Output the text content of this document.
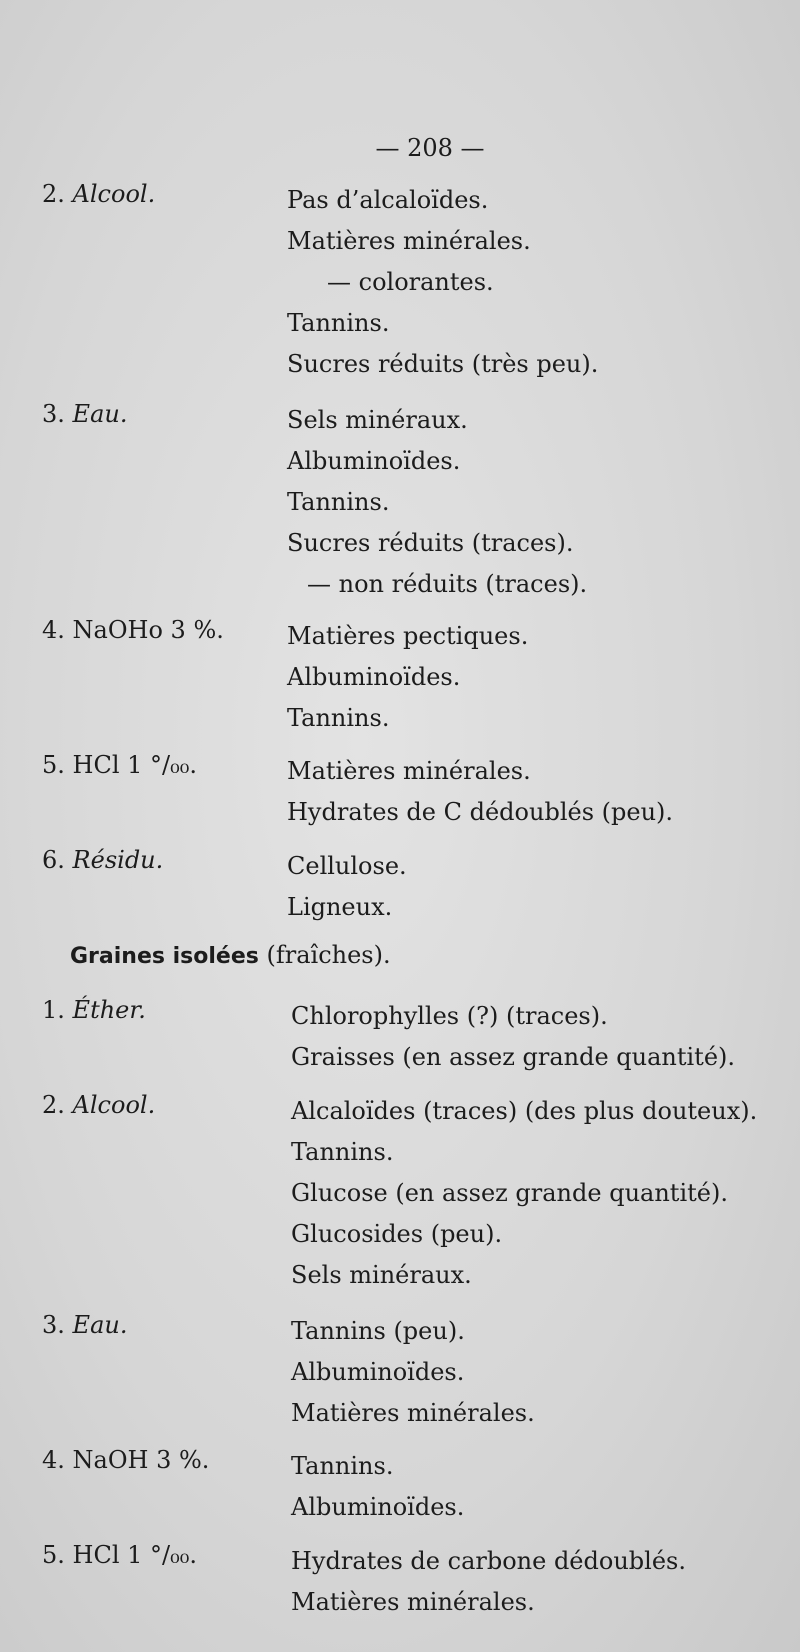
— 208 —
2. Alcool.	Pas d’alcaloïdes.
Matières minérales.
— colorantes.
Tannins.
Sucres réduits (très peu).
3. Eau.	Sels minéraux.
Albuminoïdes.
Tannins.
Sucres réduits (traces).
— non réduits (traces).
4. NaOHo 3 %.	Matières pectiques.
Albuminoïdes.
Tannins.
5. HCl 1 °/₀₀.	Matières minérales.
Hydrates de C dédoublés (peu).
6. Résidu.	Cellulose.
Ligneux.
Graines isolées (fraîches).
1. Éther.	Chlorophylles (?) (traces).
Graisses (en assez grande quantité).
2. Alcool.	Alcaloïdes (traces) (des plus douteux).
Tannins.
Glucose (en assez grande quantité).
Glucosides (peu).
Sels minéraux.
3. Eau.	Tannins (peu).
Albuminoïdes.
Matières minérales.
4. NaOH 3 %.	Tannins.
Albuminoïdes.
5. HCl 1 °/₀₀.	Hydrates de carbone dédoublés.
Matières minérales.
